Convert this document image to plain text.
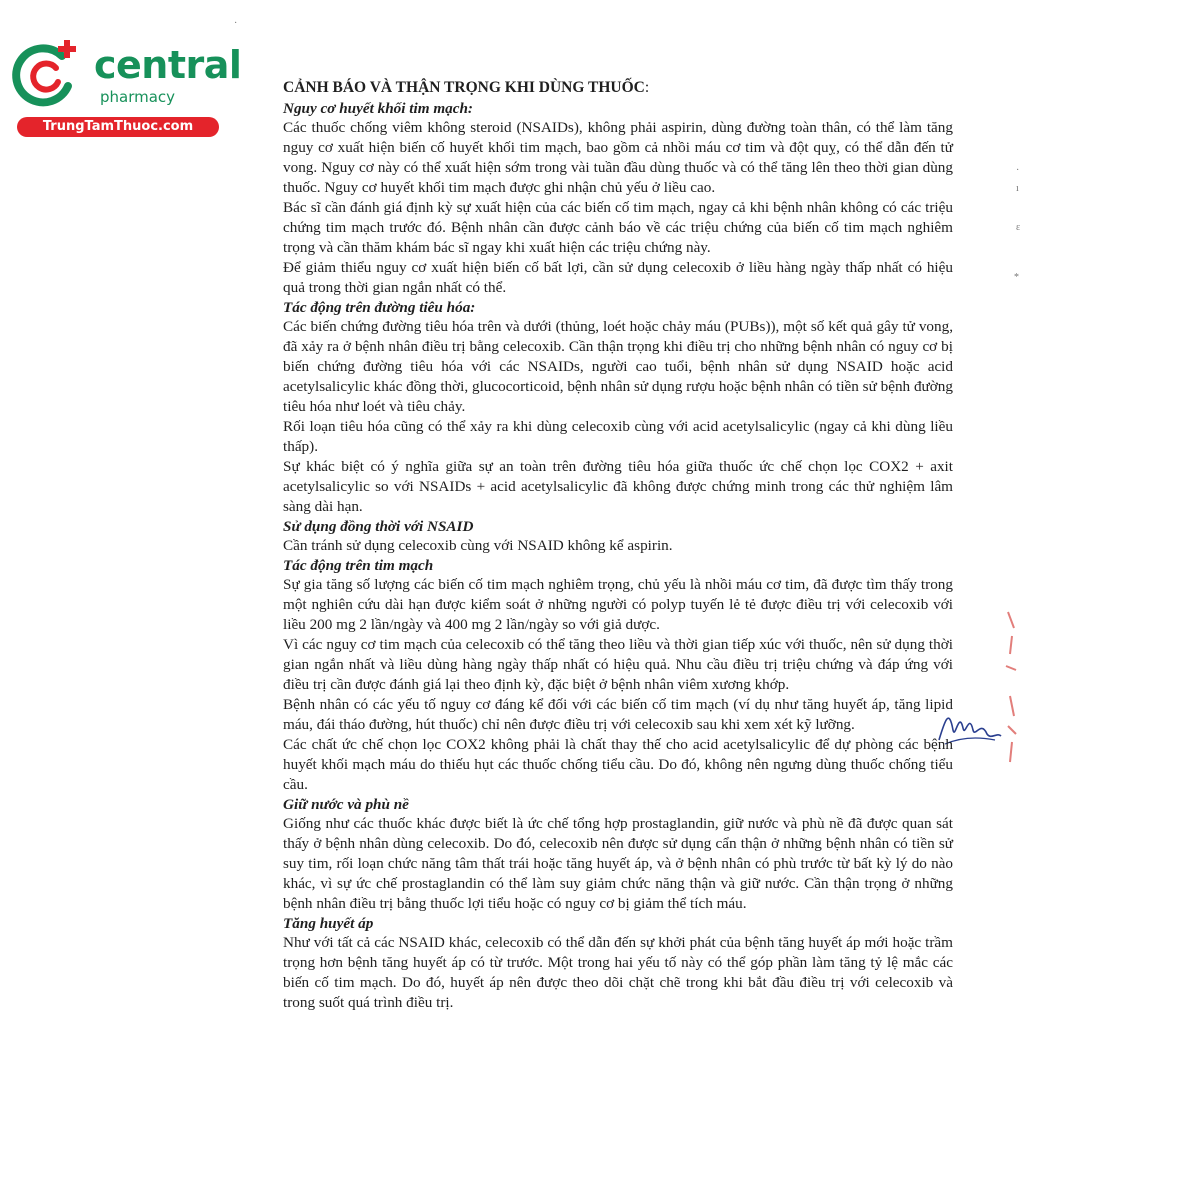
central
pharmacy
TrungTamThuoc.com
·
·
ı
ɛ
*
CẢNH BÁO VÀ THẬN TRỌNG KHI DÙNG THUỐC:
Nguy cơ huyết khối tim mạch:

Các thuốc chống viêm không steroid (NSAIDs), không phải aspirin, dùng đường toàn thân, có thể làm tăng nguy cơ xuất hiện biến cố huyết khối tim mạch, bao gồm cả nhồi máu cơ tim và đột quỵ, có thể dẫn đến tử vong. Nguy cơ này có thể xuất hiện sớm trong vài tuần đầu dùng thuốc và có thể tăng lên theo thời gian dùng thuốc. Nguy cơ huyết khối tim mạch được ghi nhận chủ yếu ở liều cao.

Bác sĩ cần đánh giá định kỳ sự xuất hiện của các biến cố tim mạch, ngay cả khi bệnh nhân không có các triệu chứng tim mạch trước đó. Bệnh nhân cần được cảnh báo về các triệu chứng của biến cố tim mạch nghiêm trọng và cần thăm khám bác sĩ ngay khi xuất hiện các triệu chứng này.

Để giảm thiểu nguy cơ xuất hiện biến cố bất lợi, cần sử dụng celecoxib ở liều hàng ngày thấp nhất có hiệu quả trong thời gian ngắn nhất có thể.

Tác động trên đường tiêu hóa:

Các biến chứng đường tiêu hóa trên và dưới (thủng, loét hoặc chảy máu (PUBs)), một số kết quả gây tử vong, đã xảy ra ở bệnh nhân điều trị bằng celecoxib. Cần thận trọng khi điều trị cho những bệnh nhân có nguy cơ bị biến chứng đường tiêu hóa với các NSAIDs, người cao tuổi, bệnh nhân sử dụng NSAID hoặc acid acetylsalicylic khác đồng thời, glucocorticoid, bệnh nhân sử dụng rượu hoặc bệnh nhân có tiền sử bệnh đường tiêu hóa như loét và tiêu chảy.

Rối loạn tiêu hóa cũng có thể xảy ra khi dùng celecoxib cùng với acid acetylsalicylic (ngay cả khi dùng liều thấp).

Sự khác biệt có ý nghĩa giữa sự an toàn trên đường tiêu hóa giữa thuốc ức chế chọn lọc COX2 + axit acetylsalicylic so với NSAIDs + acid acetylsalicylic đã không được chứng minh trong các thử nghiệm lâm sàng dài hạn.

Sử dụng đồng thời với NSAID

Cần tránh sử dụng celecoxib cùng với NSAID không kể aspirin.

Tác động trên tim mạch

Sự gia tăng số lượng các biến cố tim mạch nghiêm trọng, chủ yếu là nhồi máu cơ tim, đã được tìm thấy trong một nghiên cứu dài hạn được kiểm soát ở những người có polyp tuyến lẻ tẻ được điều trị với celecoxib với liều 200 mg 2 lần/ngày và 400 mg 2 lần/ngày so với giả dược.

Vì các nguy cơ tim mạch của celecoxib có thể tăng theo liều và thời gian tiếp xúc với thuốc, nên sử dụng thời gian ngắn nhất và liều dùng hàng ngày thấp nhất có hiệu quả. Nhu cầu điều trị triệu chứng và đáp ứng với điều trị cần được đánh giá lại theo định kỳ, đặc biệt ở bệnh nhân viêm xương khớp.

Bệnh nhân có các yếu tố nguy cơ đáng kể đối với các biến cố tim mạch (ví dụ như tăng huyết áp, tăng lipid máu, đái tháo đường, hút thuốc) chỉ nên được điều trị với celecoxib sau khi xem xét kỹ lưỡng.

Các chất ức chế chọn lọc COX2 không phải là chất thay thế cho acid acetylsalicylic để dự phòng các bệnh huyết khối mạch máu do thiếu hụt các thuốc chống tiểu cầu. Do đó, không nên ngưng dùng thuốc chống tiểu cầu.

Giữ nước và phù nề

Giống như các thuốc khác được biết là ức chế tổng hợp prostaglandin, giữ nước và phù nề đã được quan sát thấy ở bệnh nhân dùng celecoxib. Do đó, celecoxib nên được sử dụng cẩn thận ở những bệnh nhân có tiền sử suy tim, rối loạn chức năng tâm thất trái hoặc tăng huyết áp, và ở bệnh nhân có phù trước từ bất kỳ lý do nào khác, vì sự ức chế prostaglandin có thể làm suy giảm chức năng thận và giữ nước. Cần thận trọng ở những bệnh nhân điều trị bằng thuốc lợi tiểu hoặc có nguy cơ bị giảm thể tích máu.

Tăng huyết áp

Như với tất cả các NSAID khác, celecoxib có thể dẫn đến sự khởi phát của bệnh tăng huyết áp mới hoặc trầm trọng hơn bệnh tăng huyết áp có từ trước. Một trong hai yếu tố này có thể góp phần làm tăng tỷ lệ mắc các biến cố tim mạch. Do đó, huyết áp nên được theo dõi chặt chẽ trong khi bắt đầu điều trị với celecoxib và trong suốt quá trình điều trị.
